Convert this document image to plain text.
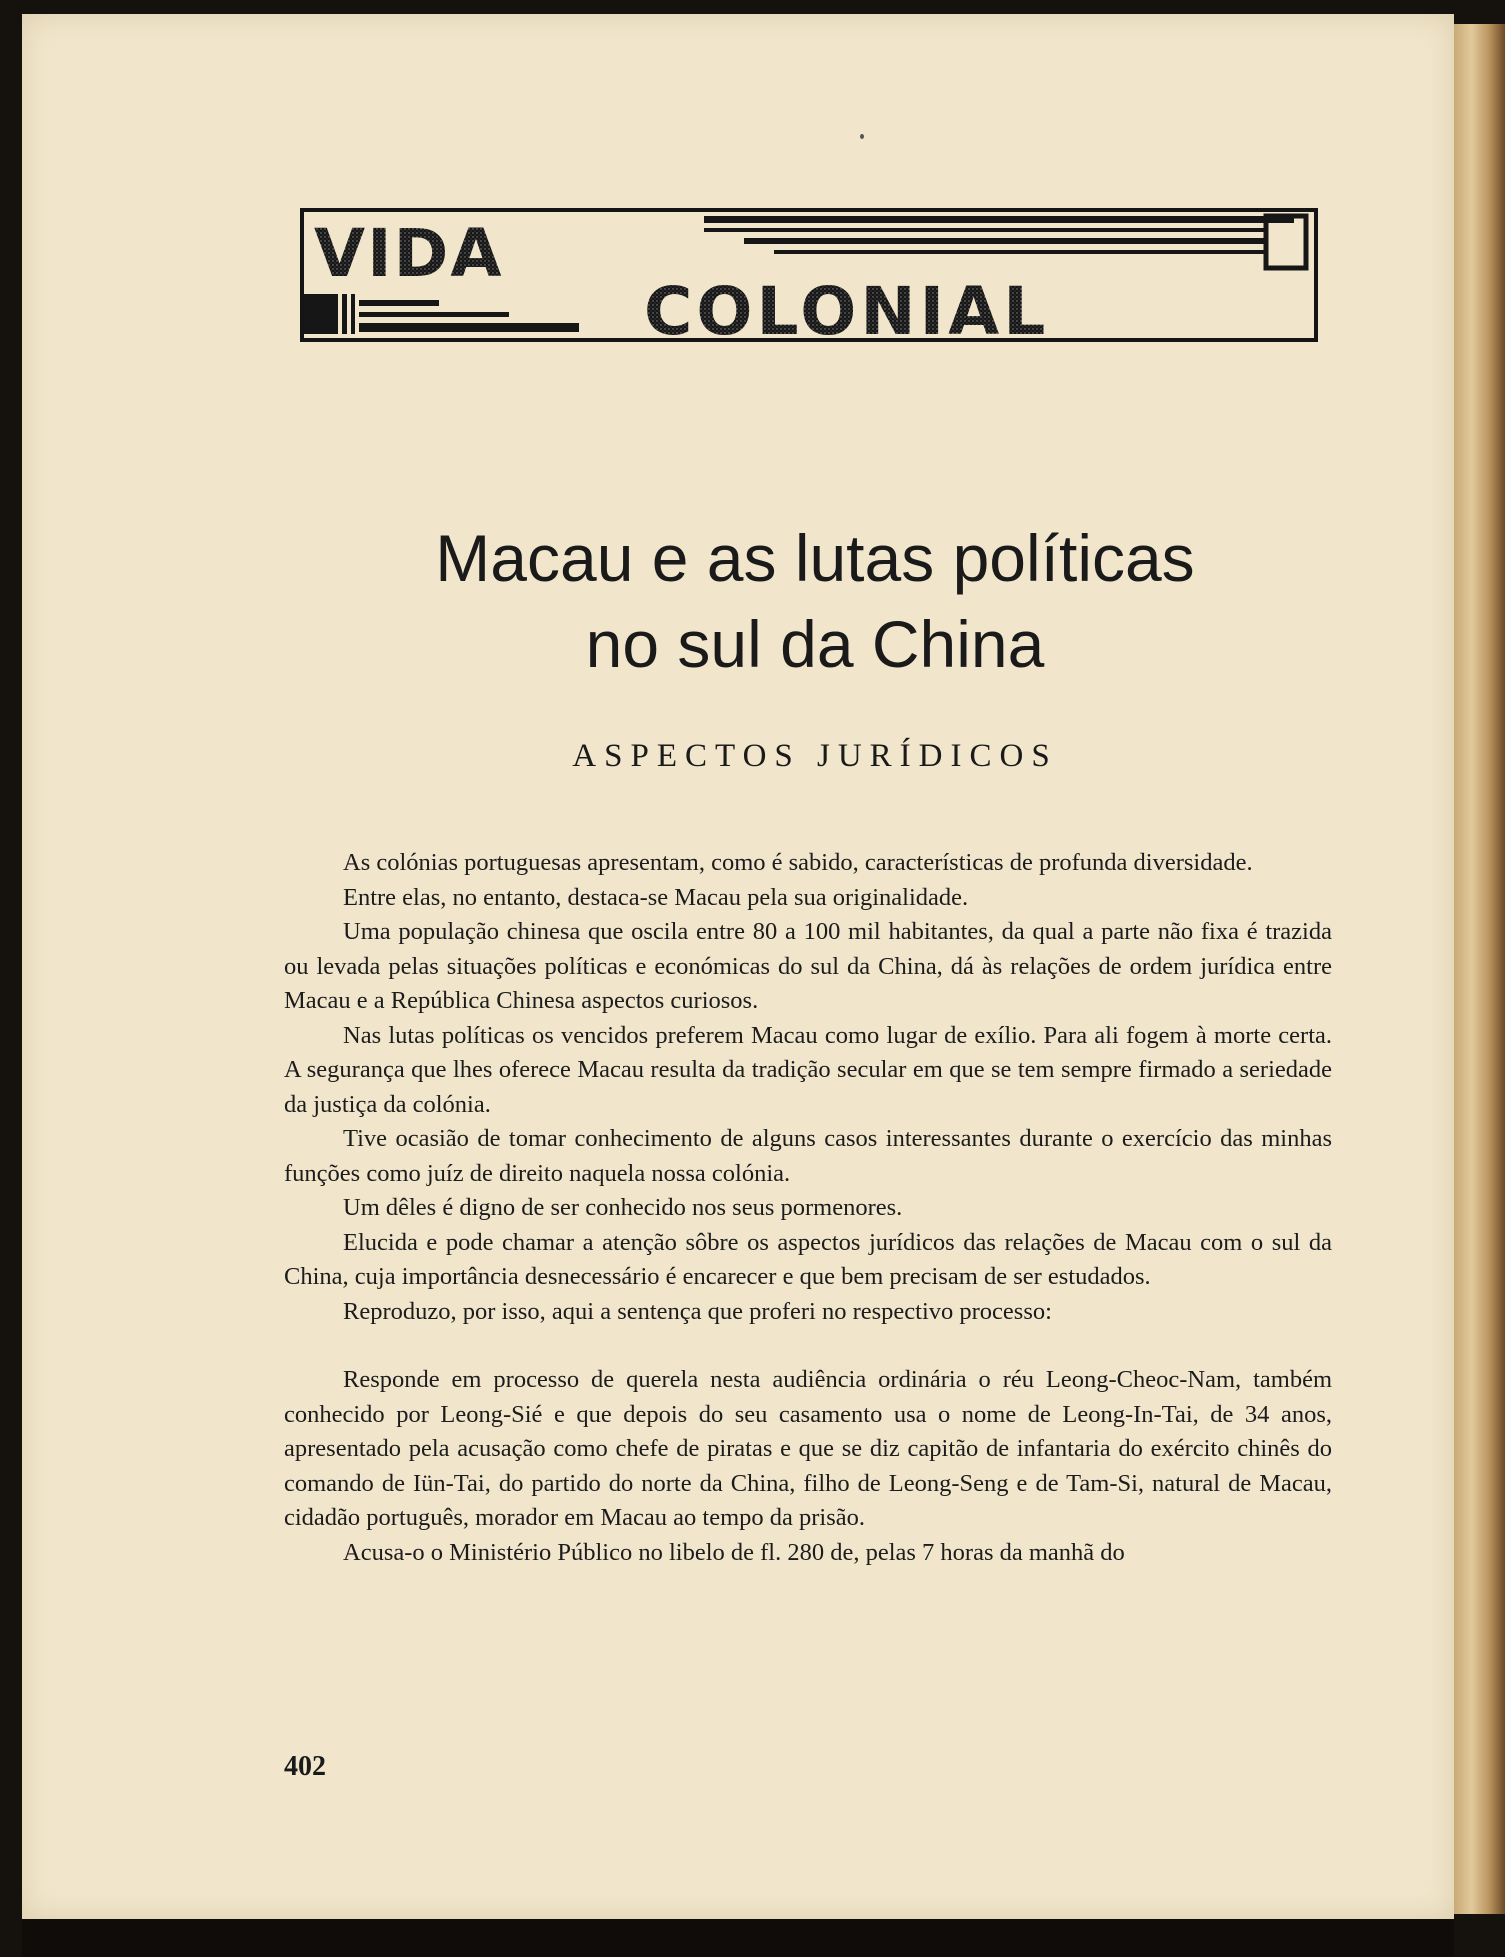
VIDA
COLONIAL
Macau e as lutas políticas
no sul da China
ASPECTOS JURÍDICOS

As colónias portuguesas apresentam, como é sabido, características de profunda diversidade.

Entre elas, no entanto, destaca-se Macau pela sua originalidade.

Uma população chinesa que oscila entre 80 a 100 mil habitantes, da qual a parte não fixa é trazida ou levada pelas situações políticas e económicas do sul da China, dá às relações de ordem jurídica entre Macau e a República Chinesa aspectos curiosos.

Nas lutas políticas os vencidos preferem Macau como lugar de exílio. Para ali fogem à morte certa. A segurança que lhes oferece Macau resulta da tradição secular em que se tem sempre firmado a seriedade da justiça da colónia.

Tive ocasião de tomar conhecimento de alguns casos interessantes durante o exercício das minhas funções como juíz de direito naquela nossa colónia.

Um dêles é digno de ser conhecido nos seus pormenores.

Elucida e pode chamar a atenção sôbre os aspectos jurídicos das relações de Macau com o sul da China, cuja importância desnecessário é encarecer e que bem precisam de ser estudados.

Reproduzo, por isso, aqui a sentença que proferi no respectivo processo:

Responde em processo de querela nesta audiência ordinária o réu Leong-Cheoc-Nam, também conhecido por Leong-Sié e que depois do seu casamento usa o nome de Leong-In-Tai, de 34 anos, apresentado pela acusação como chefe de piratas e que se diz capitão de infantaria do exército chinês do comando de Iün-Tai, do partido do norte da China, filho de Leong-Seng e de Tam-Si, natural de Macau, cidadão português, morador em Macau ao tempo da prisão.

Acusa-o o Ministério Público no libelo de fl. 280 de, pelas 7 horas da manhã do

402
